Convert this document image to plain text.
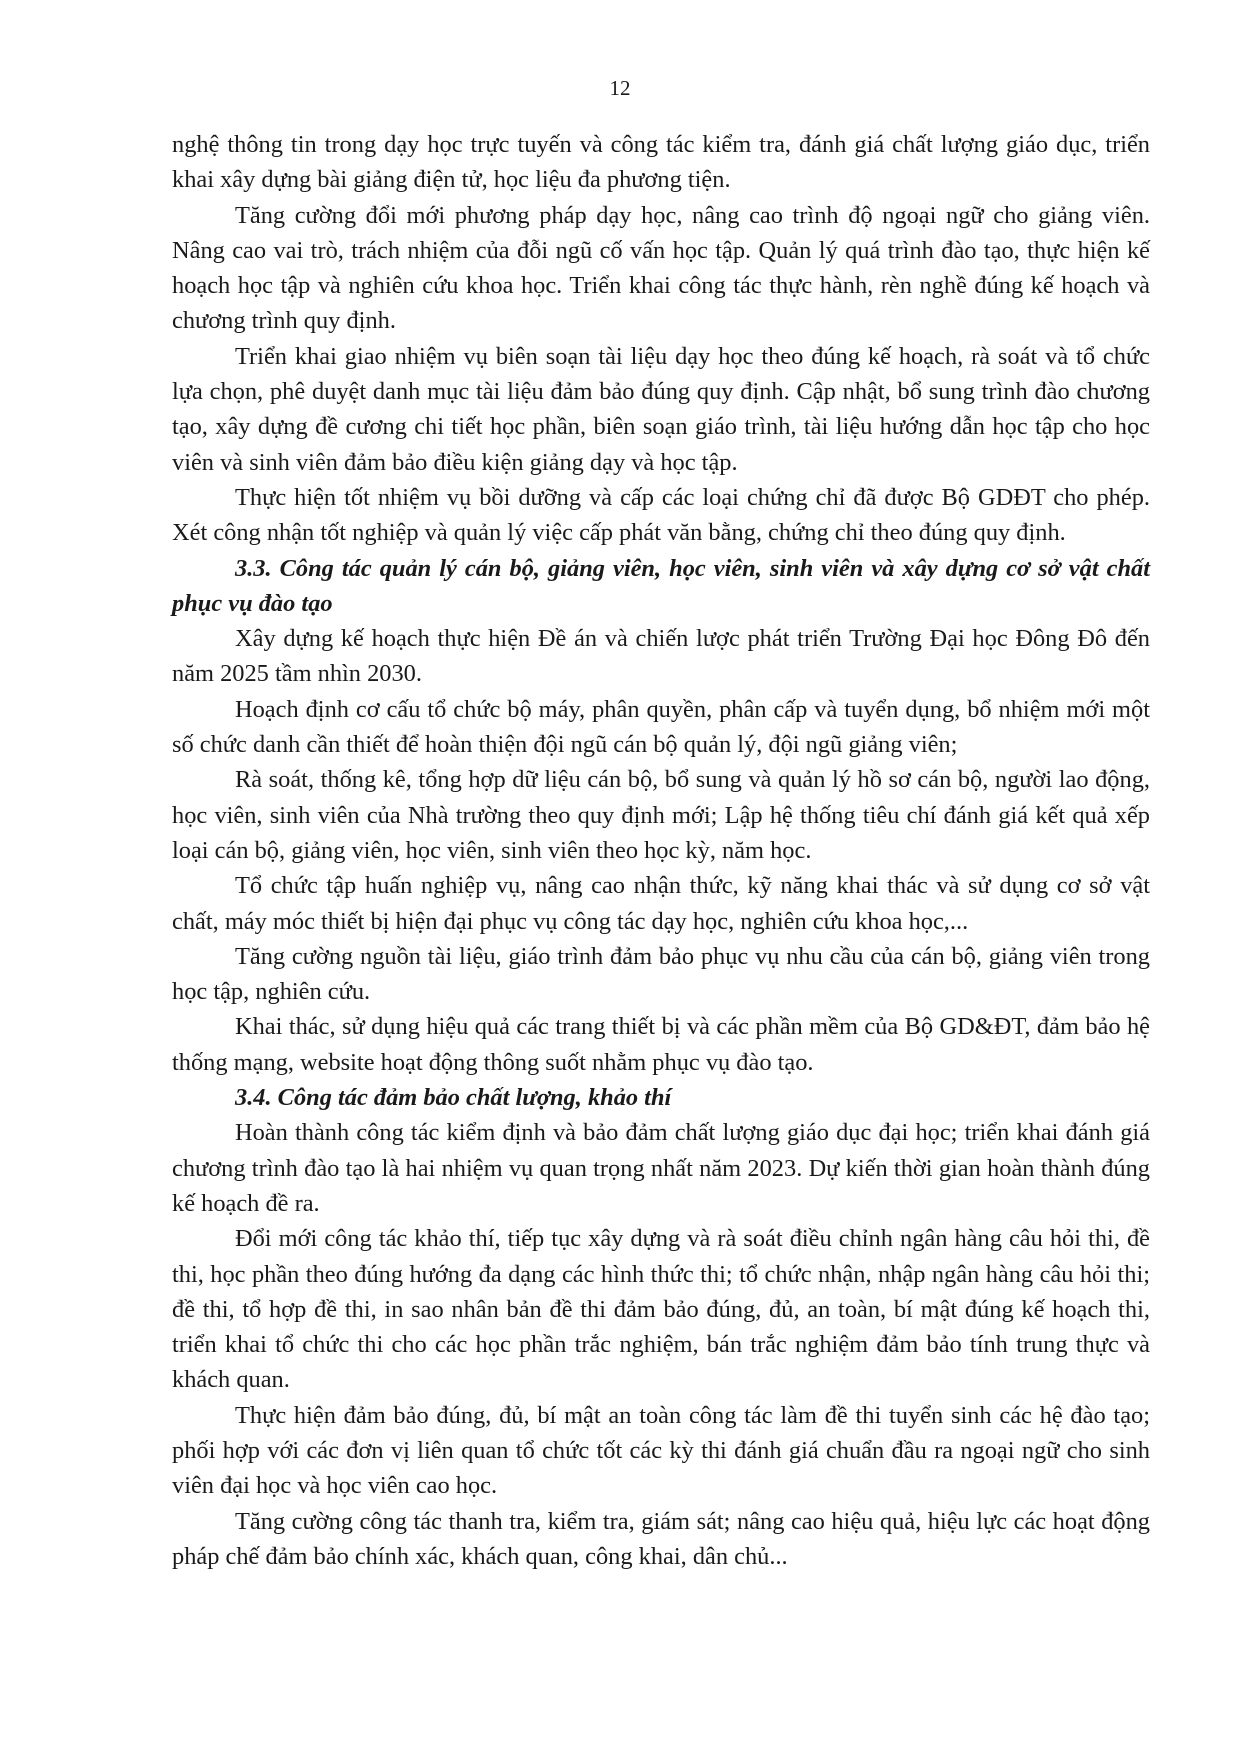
12

nghệ thông tin trong dạy học trực tuyến và công tác kiểm tra, đánh giá chất lượng giáo dục, triển khai xây dựng bài giảng điện tử, học liệu đa phương tiện.

Tăng cường đổi mới phương pháp dạy học, nâng cao trình độ ngoại ngữ cho giảng viên. Nâng cao vai trò, trách nhiệm của đỗi ngũ cố vấn học tập. Quản lý quá trình đào tạo, thực hiện kế hoạch học tập và nghiên cứu khoa học. Triển khai công tác thực hành, rèn nghề đúng kế hoạch và chương trình quy định.

Triển khai giao nhiệm vụ biên soạn tài liệu dạy học theo đúng kế hoạch, rà soát và tổ chức lựa chọn, phê duyệt danh mục tài liệu đảm bảo đúng quy định. Cập nhật, bổ sung trình đào chương tạo, xây dựng đề cương chi tiết học phần, biên soạn giáo trình, tài liệu hướng dẫn học tập cho học viên và sinh viên đảm bảo điều kiện giảng dạy và học tập.

Thực hiện tốt nhiệm vụ bồi dưỡng và cấp các loại chứng chỉ đã được Bộ GDĐT cho phép. Xét công nhận tốt nghiệp và quản lý việc cấp phát văn bằng, chứng chỉ theo đúng quy định.

3.3. Công tác quản lý cán bộ, giảng viên, học viên, sinh viên và xây dựng cơ sở vật chất phục vụ đào tạo

Xây dựng kế hoạch thực hiện Đề án và chiến lược phát triển Trường Đại học Đông Đô đến năm 2025 tầm nhìn 2030.

Hoạch định cơ cấu tổ chức bộ máy, phân quyền, phân cấp và tuyển dụng, bổ nhiệm mới một số chức danh cần thiết để hoàn thiện đội ngũ cán bộ quản lý, đội ngũ giảng viên;

Rà soát, thống kê, tổng hợp dữ liệu cán bộ, bổ sung và quản lý hồ sơ cán bộ, người lao động, học viên, sinh viên của Nhà trường theo quy định mới; Lập hệ thống tiêu chí đánh giá kết quả xếp loại cán bộ, giảng viên, học viên, sinh viên theo học kỳ, năm học.

Tổ chức tập huấn nghiệp vụ, nâng cao nhận thức, kỹ năng khai thác và sử dụng cơ sở vật chất, máy móc thiết bị hiện đại phục vụ công tác dạy học, nghiên cứu khoa học,...

Tăng cường nguồn tài liệu, giáo trình đảm bảo phục vụ nhu cầu của cán bộ, giảng viên trong học tập, nghiên cứu.

Khai thác, sử dụng hiệu quả các trang thiết bị và các phần mềm của Bộ GD&ĐT, đảm bảo hệ thống mạng, website hoạt động thông suốt nhằm phục vụ đào tạo.

3.4. Công tác đảm bảo chất lượng, khảo thí

Hoàn thành công tác kiểm định và bảo đảm chất lượng giáo dục đại học; triển khai đánh giá chương trình đào tạo là hai nhiệm vụ quan trọng nhất năm 2023. Dự kiến thời gian hoàn thành đúng kế hoạch đề ra.

Đổi mới công tác khảo thí, tiếp tục xây dựng và rà soát điều chỉnh ngân hàng câu hỏi thi, đề thi, học phần theo đúng hướng đa dạng các hình thức thi; tổ chức nhận, nhập ngân hàng câu hỏi thi; đề thi, tổ hợp đề thi, in sao nhân bản đề thi đảm bảo đúng, đủ, an toàn, bí mật đúng kế hoạch thi, triển khai tổ chức thi cho các học phần trắc nghiệm, bán trắc nghiệm đảm bảo tính trung thực và khách quan.

Thực hiện đảm bảo đúng, đủ, bí mật an toàn công tác làm đề thi tuyển sinh các hệ đào tạo; phối hợp với các đơn vị liên quan tổ chức tốt các kỳ thi đánh giá chuẩn đầu ra ngoại ngữ cho sinh viên đại học và học viên cao học.

Tăng cường công tác thanh tra, kiểm tra, giám sát; nâng cao hiệu quả, hiệu lực các hoạt động pháp chế đảm bảo chính xác, khách quan, công khai, dân chủ...
